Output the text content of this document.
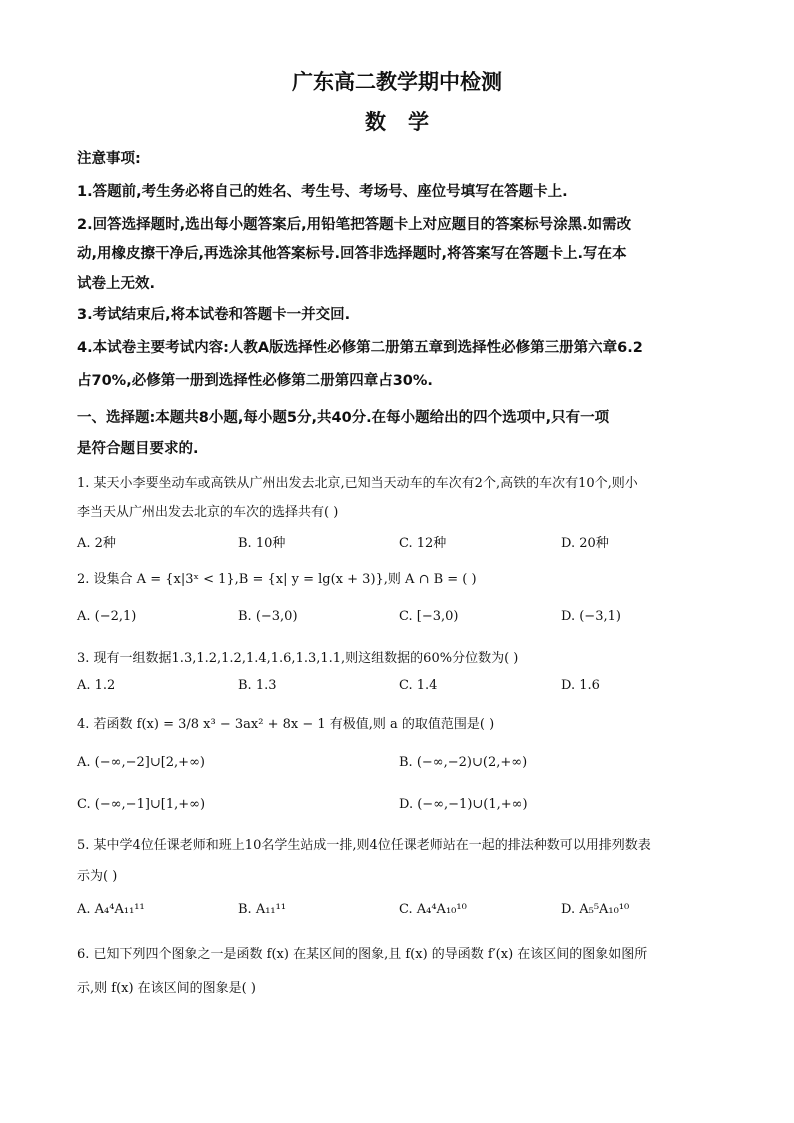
广东高二教学期中检测
数学
注意事项:
1.答题前,考生务必将自己的姓名、考生号、考场号、座位号填写在答题卡上.
2.回答选择题时,选出每小题答案后,用铅笔把答题卡上对应题目的答案标号涂黑.如需改
动,用橡皮擦干净后,再选涂其他答案标号.回答非选择题时,将答案写在答题卡上.写在本
试卷上无效.
3.考试结束后,将本试卷和答题卡一并交回.
4.本试卷主要考试内容:人教A版选择性必修第二册第五章到选择性必修第三册第六章6.2
占70%,必修第一册到选择性必修第二册第四章占30%.
一、选择题:本题共8小题,每小题5分,共40分.在每小题给出的四个选项中,只有一项
是符合题目要求的.
1. 某天小李要坐动车或高铁从广州出发去北京,已知当天动车的车次有2个,高铁的车次有10个,则小
李当天从广州出发去北京的车次的选择共有( )
A. 2种	B. 10种	C. 12种	D. 20种
2. 设集合 A = {x|3ˣ < 1},B = {x| y = lg(x + 3)},则 A ∩ B = ( )
A. (−2,1)	B. (−3,0)	C. [−3,0)	D. (−3,1)
3. 现有一组数据1.3,1.2,1.2,1.4,1.6,1.3,1.1,则这组数据的60%分位数为( )
A. 1.2	B. 1.3	C. 1.4	D. 1.6
4. 若函数 f(x) = 3/8 x³ − 3ax² + 8x − 1 有极值,则 a 的取值范围是( )
A. (−∞,−2]∪[2,+∞)	B. (−∞,−2)∪(2,+∞)
C. (−∞,−1]∪[1,+∞)	D. (−∞,−1)∪(1,+∞)
5. 某中学4位任课老师和班上10名学生站成一排,则4位任课老师站在一起的排法种数可以用排列数表
示为( )
A. A₄⁴A₁₁¹¹	B. A₁₁¹¹	C. A₄⁴A₁₀¹⁰	D. A₅⁵A₁₀¹⁰
6. 已知下列四个图象之一是函数 f(x) 在某区间的图象,且 f(x) 的导函数 f′(x) 在该区间的图象如图所
示,则 f(x) 在该区间的图象是( )
